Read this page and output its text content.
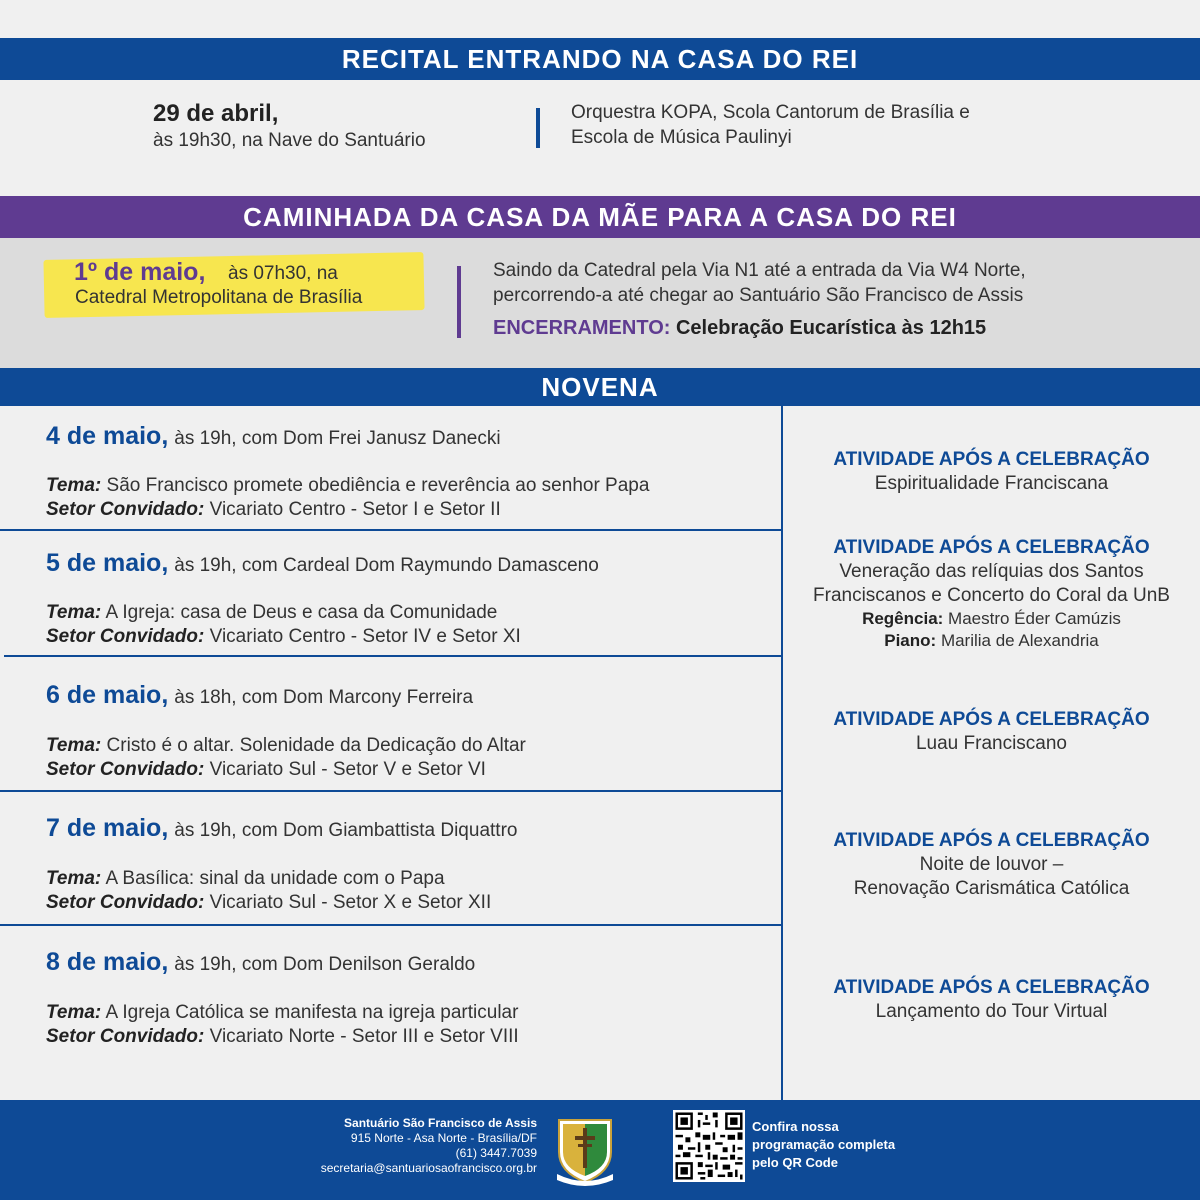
RECITAL ENTRANDO NA CASA DO REI
29 de abril,
às 19h30, na Nave do Santuário
Orquestra KOPA, Scola Cantorum de Brasília e
Escola de Música Paulinyi
CAMINHADA DA CASA DA MÃE PARA A CASA DO REI
1º de maio, às 07h30, na
Catedral Metropolitana de Brasília
Saindo da Catedral pela Via N1 até a entrada da Via W4 Norte,
percorrendo-a até chegar ao Santuário São Francisco de Assis
ENCERRAMENTO: Celebração Eucarística às 12h15
NOVENA
4 de maio, às 19h, com Dom Frei Janusz Danecki
Tema: São Francisco promete obediência e reverência ao senhor Papa
Setor Convidado: Vicariato Centro - Setor I e Setor II
ATIVIDADE APÓS A CELEBRAÇÃO
Espiritualidade Franciscana
5 de maio, às 19h, com Cardeal Dom Raymundo Damasceno
Tema: A Igreja: casa de Deus e casa da Comunidade
Setor Convidado: Vicariato Centro - Setor IV e Setor XI
ATIVIDADE APÓS A CELEBRAÇÃO
Veneração das relíquias dos Santos
Franciscanos e Concerto do Coral da UnB
Regência: Maestro Éder Camúzis
Piano: Marilia de Alexandria
6 de maio, às 18h, com Dom Marcony Ferreira
Tema: Cristo é o altar. Solenidade da Dedicação do Altar
Setor Convidado: Vicariato Sul - Setor V e Setor VI
ATIVIDADE APÓS A CELEBRAÇÃO
Luau Franciscano
7 de maio, às 19h, com Dom Giambattista Diquattro
Tema: A Basílica: sinal da unidade com o Papa
Setor Convidado: Vicariato Sul - Setor X e Setor XII
ATIVIDADE APÓS A CELEBRAÇÃO
Noite de louvor –
Renovação Carismática Católica
8 de maio, às 19h, com Dom Denilson Geraldo
Tema: A Igreja Católica se manifesta na igreja particular
Setor Convidado: Vicariato Norte - Setor III e Setor VIII
ATIVIDADE APÓS A CELEBRAÇÃO
Lançamento do Tour Virtual
Santuário São Francisco de Assis
915 Norte - Asa Norte - Brasília/DF
(61) 3447.7039
secretaria@santuariosaofrancisco.org.br
Confira nossa
programação completa
pelo QR Code
